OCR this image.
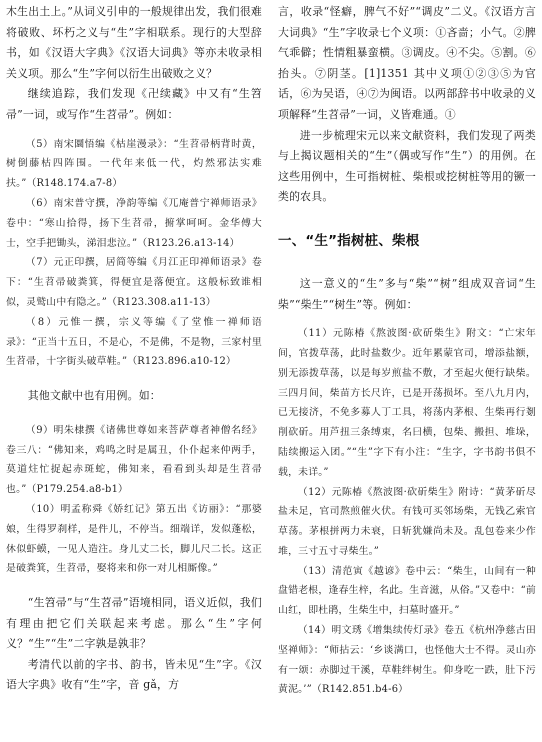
木生出土上。”从词义引申的一般规律出发，我们很难将破败、坏朽之义与“生”字相联系。现行的大型辞书，如《汉语大字典》《汉语大词典》等亦未收录相关义项。那么“生”字何以衍生出破败之义？

继续追踪，我们发现《卍续藏》中又有“生笤帚”一词，或写作“生苕帚”。例如：

（5）南宋圜悟编《枯崖漫录》：“生苕帚柄背时黄，树倒藤枯四阵围。一代年来低一代，灼然邪法实难扶。”（R148.174.a7-8）

（6）南宋普守撰，净韵等编《兀庵普宁禅师语录》卷中：“寒山拾得，扬下生苕帚，捬掌呵呵。金华傅大士，空手把锄头，涕泪悲泣。”（R123.26.a13-14）

（7）元正印撰，居简等编《月江正印禅师语录》卷下：“生苕帚破粪箕，得便宜是落便宜。这般标致谁相似，灵鹫山中有隐之。”（R123.308.a11-13）

（8）元惟一撰，宗义等编《了堂惟一禅师语录》：“正当十五日，不是心，不是佛，不是物，三家村里生苕帚，十字街头破草鞋。”（R123.896.a10-12）

其他文献中也有用例。如：

（9）明朱棣撰《诸佛世尊如来菩萨尊者神僧名经》卷三八：“佛知来，鸡鸣之时是属丑，仆仆起来仲两手，莫道炷忙捉起赤斑蛇，佛知来，看看到头却是生苕帚也。”（P179.254.a8-b1）

（10）明孟称舜《娇红记》第五出《访丽》：“那婆娘，生得罗刹样，是件儿，不停当。细端详，发似蓬松，休似虾蟆，一见人造注。身儿丈二长，脚儿尺二长。这正是破粪箕，生苕帚，娶将来和你一对儿相厮像。”

“生笤帚”与“生苕帚”语境相同，语义近似，我们有理由把它们关联起来考虑。那么“生”字何义？“生”“生”二字孰是孰非？

考清代以前的字书、韵书，皆未见“生”字。《汉语大字典》收有“生”字，音 gǎ，方

言，收录“怪癖，脾气不好”“调皮”二义。《汉语方言大词典》“生”字收录七个义项：①吝啬；小气。②脾气乖僻；性情粗暴蛮横。③调皮。④不尖。⑤割。⑥抬头。⑦阴茎。[1]1351 其中义项①②③⑤为官话，⑥为吴语，④⑦为闽语。以两部辞书中收录的义项解释“生苕帚”一词，义皆难通。①

进一步梳理宋元以来文献资料，我们发现了两类与上揭议题相关的“生”（偶或写作“生”）的用例。在这些用例中，生可指树桩、柴根或挖树桩等用的镢一类的农具。

一、“生”指树桩、柴根

这一意义的“生”多与“柴”“树”组成双音词“生柴”“柴生”“树生”等。例如：

（11）元陈椿《熬波图·砍斫柴生》附文：“亡宋年间，官拨草荡，此时盐数少。近年累蒙官司，增添盐额，别无添拨草荡，以是每岁煎盐不敷，才至起火便行缺柴。三四月间，柴苗方长尺许，已是开荡损坏。至八九月内，已无接济，不免多募人丁工具，将荡内茅根、生柴再行剗削砍斫。用芦扭三条缚束，名曰横，包柴、搬担、堆垛，陆续搬运入团。”“生”字下有小注：“生字，字书韵书俱不载，未详。”

（12）元陈椿《熬波图·砍斫柴生》附诗：“黄茅斫尽盐未足，官司熬煎催火伏。有钱可买邻场柴，无钱乙索官草荡。茅根拼两力未衰，日斩犹嫌尚未及。乱包卷来少作堆，三寸五寸寻柴生。”

（13）清范寅《越谚》卷中云：“柴生，山间有一种盘错老根，逢春生梓，名此。生音滋，从俗。”又卷中：“前山红，即杜鹃，生柴生中，扫墓时盛开。”

（14）明文琇《增集续传灯录》卷五《杭州净慈古田坚禅师》：“师拈云：‘乡谈满口，也怪他大士不得。灵山亦有一颂：赤脚过干溪，草鞋绊树生。仰身吃一跌，肚下污黄泥。’”（R142.851.b4-6）
